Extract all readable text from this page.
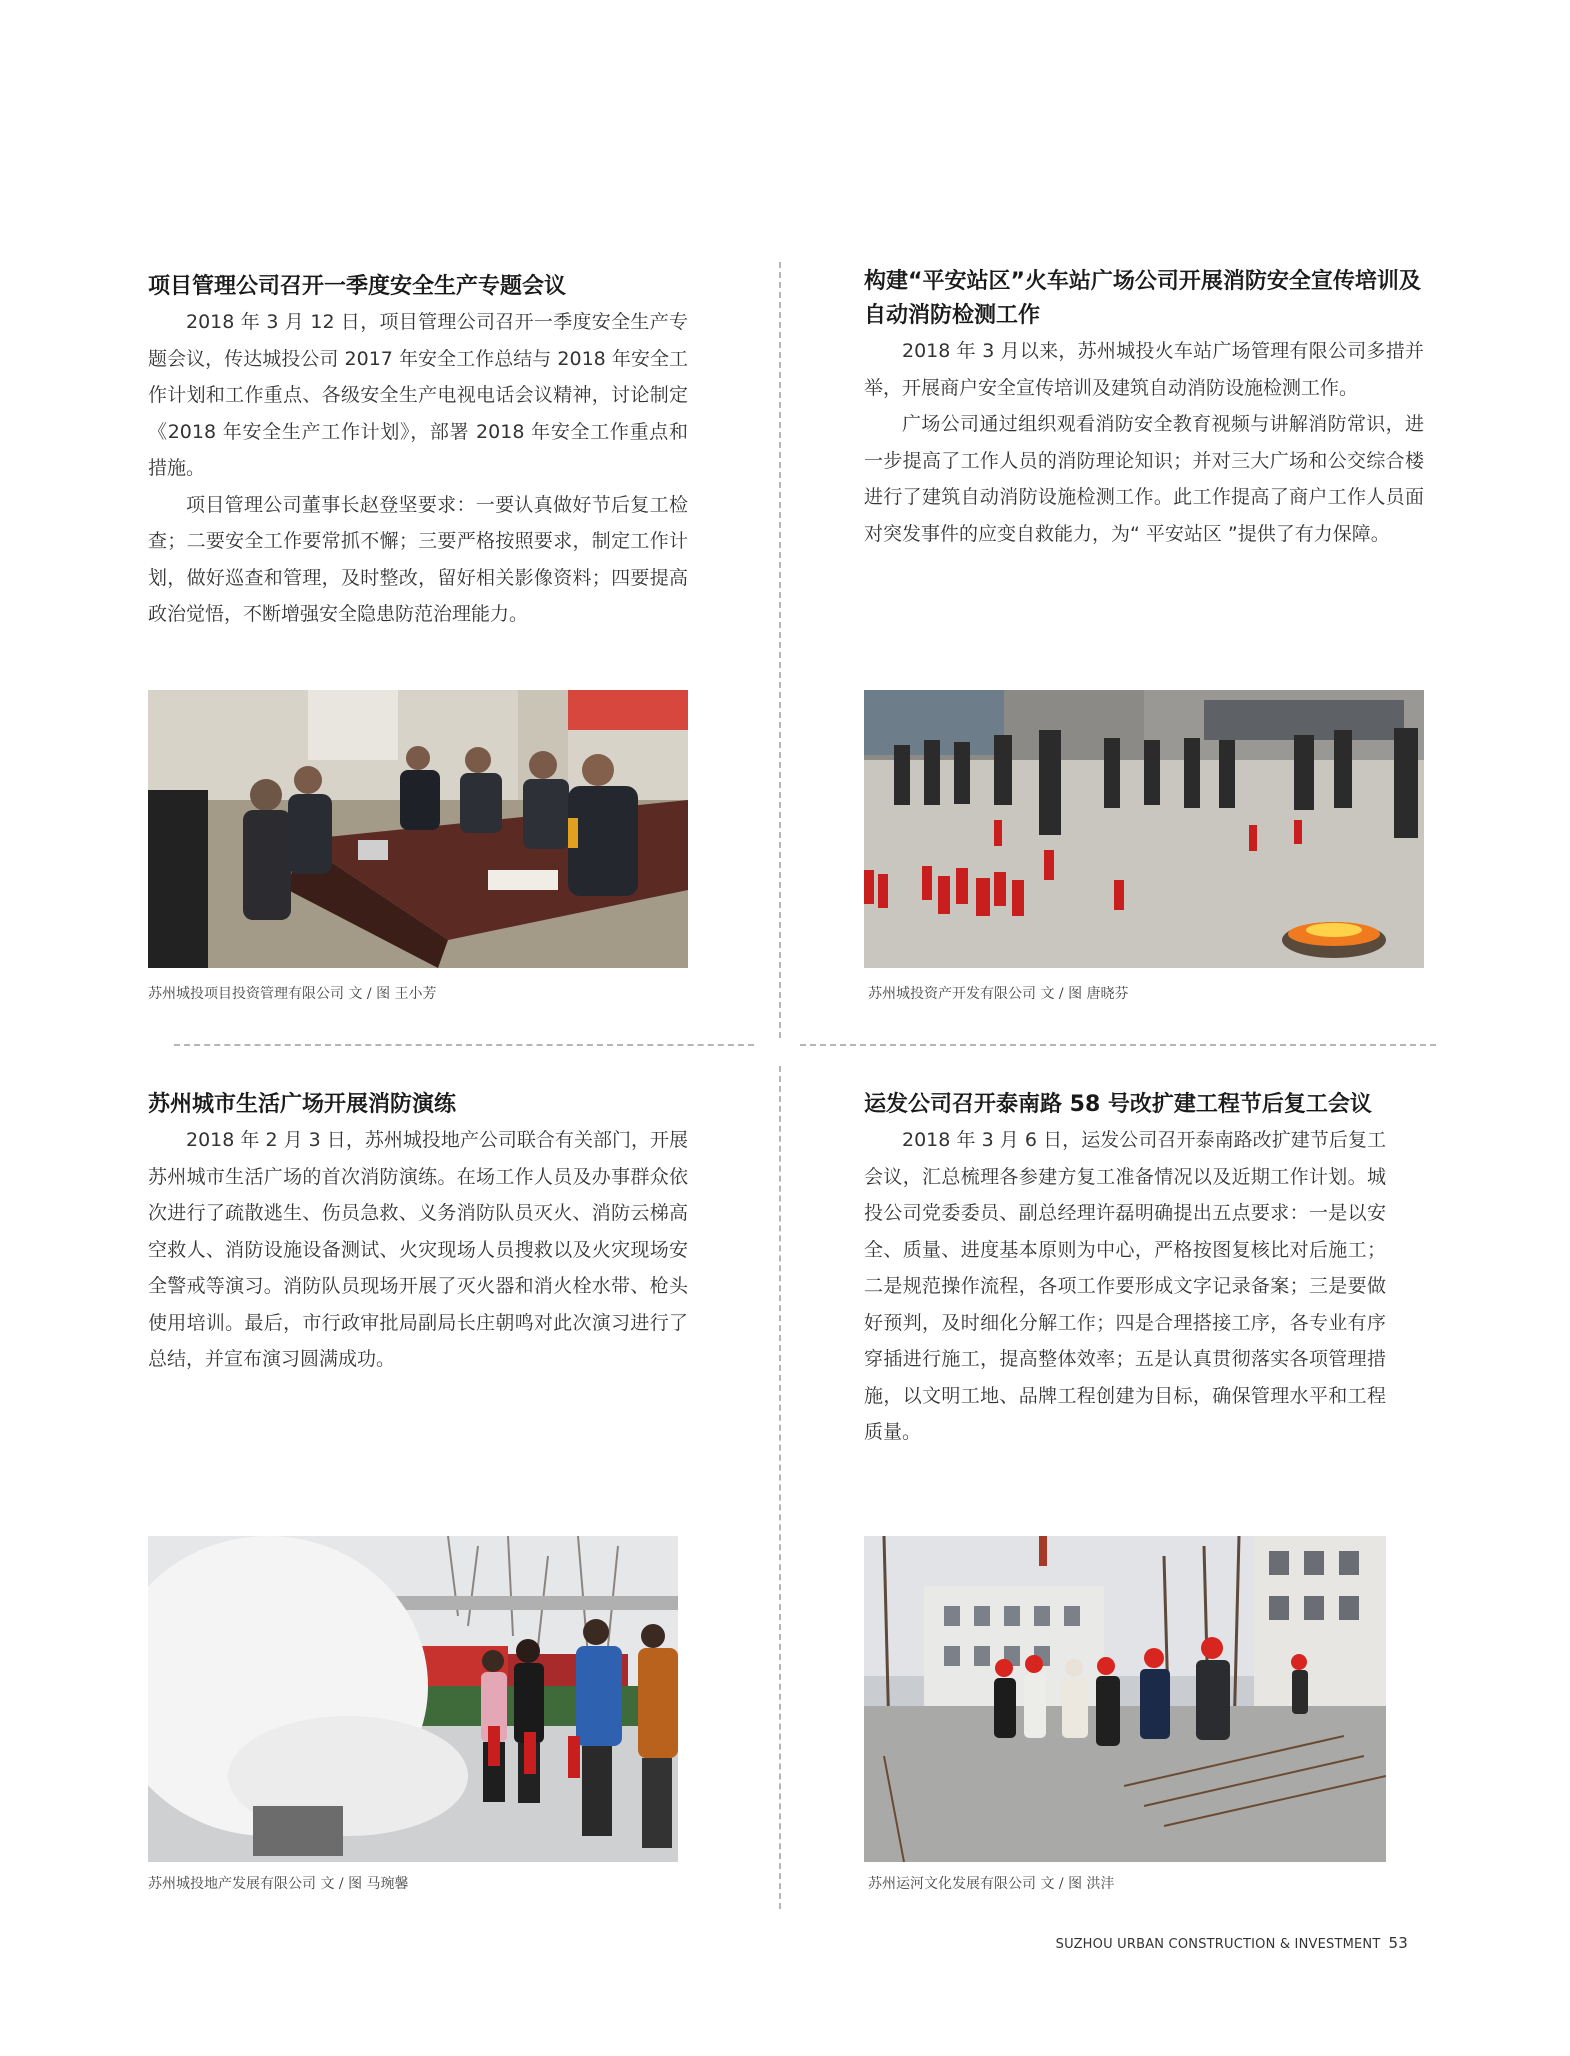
项目管理公司召开一季度安全生产专题会议

2018 年 3 月 12 日，项目管理公司召开一季度安全生产专题会议，传达城投公司 2017 年安全工作总结与 2018 年安全工作计划和工作重点、各级安全生产电视电话会议精神，讨论制定《2018 年安全生产工作计划》，部署 2018 年安全工作重点和措施。

项目管理公司董事长赵登坚要求：一要认真做好节后复工检查；二要安全工作要常抓不懈；三要严格按照要求，制定工作计划，做好巡查和管理，及时整改，留好相关影像资料；四要提高政治觉悟，不断增强安全隐患防范治理能力。

苏州城投项目投资管理有限公司 文 / 图 王小芳
构建“平安站区”火车站广场公司开展消防安全宣传培训及自动消防检测工作

2018 年 3 月以来，苏州城投火车站广场管理有限公司多措并举，开展商户安全宣传培训及建筑自动消防设施检测工作。

广场公司通过组织观看消防安全教育视频与讲解消防常识，进一步提高了工作人员的消防理论知识；并对三大广场和公交综合楼进行了建筑自动消防设施检测工作。此工作提高了商户工作人员面对突发事件的应变自救能力，为“ 平安站区 ”提供了有力保障。

苏州城投资产开发有限公司 文 / 图 唐晓芬
苏州城市生活广场开展消防演练

2018 年 2 月 3 日，苏州城投地产公司联合有关部门，开展苏州城市生活广场的首次消防演练。在场工作人员及办事群众依次进行了疏散逃生、伤员急救、义务消防队员灭火、消防云梯高空救人、消防设施设备测试、火灾现场人员搜救以及火灾现场安全警戒等演习。消防队员现场开展了灭火器和消火栓水带、枪头使用培训。最后，市行政审批局副局长庄朝鸣对此次演习进行了总结，并宣布演习圆满成功。

苏州城投地产发展有限公司 文 / 图 马琬馨
运发公司召开泰南路 58 号改扩建工程节后复工会议

2018 年 3 月 6 日，运发公司召开泰南路改扩建节后复工会议，汇总梳理各参建方复工准备情况以及近期工作计划。城投公司党委委员、副总经理许磊明确提出五点要求：一是以安全、质量、进度基本原则为中心，严格按图复核比对后施工；二是规范操作流程，各项工作要形成文字记录备案；三是要做好预判，及时细化分解工作；四是合理搭接工序，各专业有序穿插进行施工，提高整体效率；五是认真贯彻落实各项管理措施，以文明工地、品牌工程创建为目标，确保管理水平和工程质量。

苏州运河文化发展有限公司 文 / 图 洪沣
SUZHOU URBAN CONSTRUCTION & INVESTMENT 53
